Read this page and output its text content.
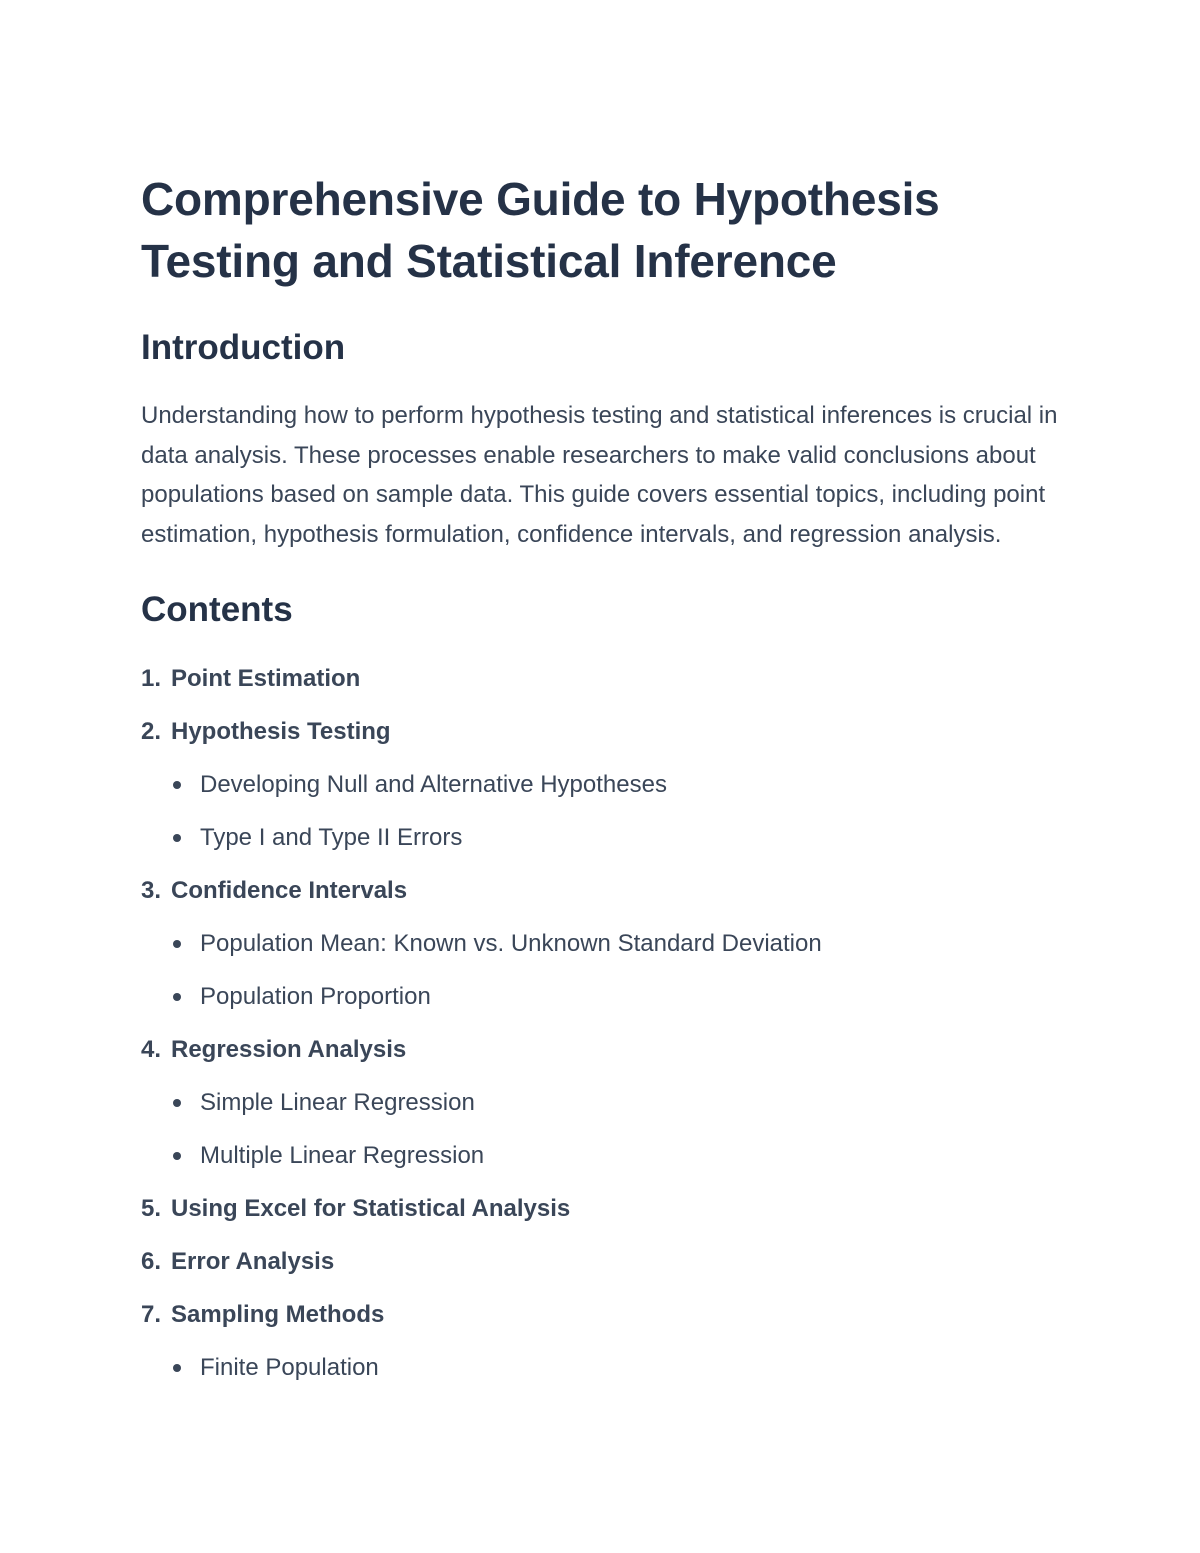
Comprehensive Guide to Hypothesis Testing and Statistical Inference
Introduction

Understanding how to perform hypothesis testing and statistical inferences is crucial in data analysis. These processes enable researchers to make valid conclusions about populations based on sample data. This guide covers essential topics, including point estimation, hypothesis formulation, confidence intervals, and regression analysis.

Contents
1. Point Estimation
2. Hypothesis Testing
Developing Null and Alternative Hypotheses
Type I and Type II Errors
3. Confidence Intervals
Population Mean: Known vs. Unknown Standard Deviation
Population Proportion
4. Regression Analysis
Simple Linear Regression
Multiple Linear Regression
5. Using Excel for Statistical Analysis
6. Error Analysis
7. Sampling Methods
Finite Population
